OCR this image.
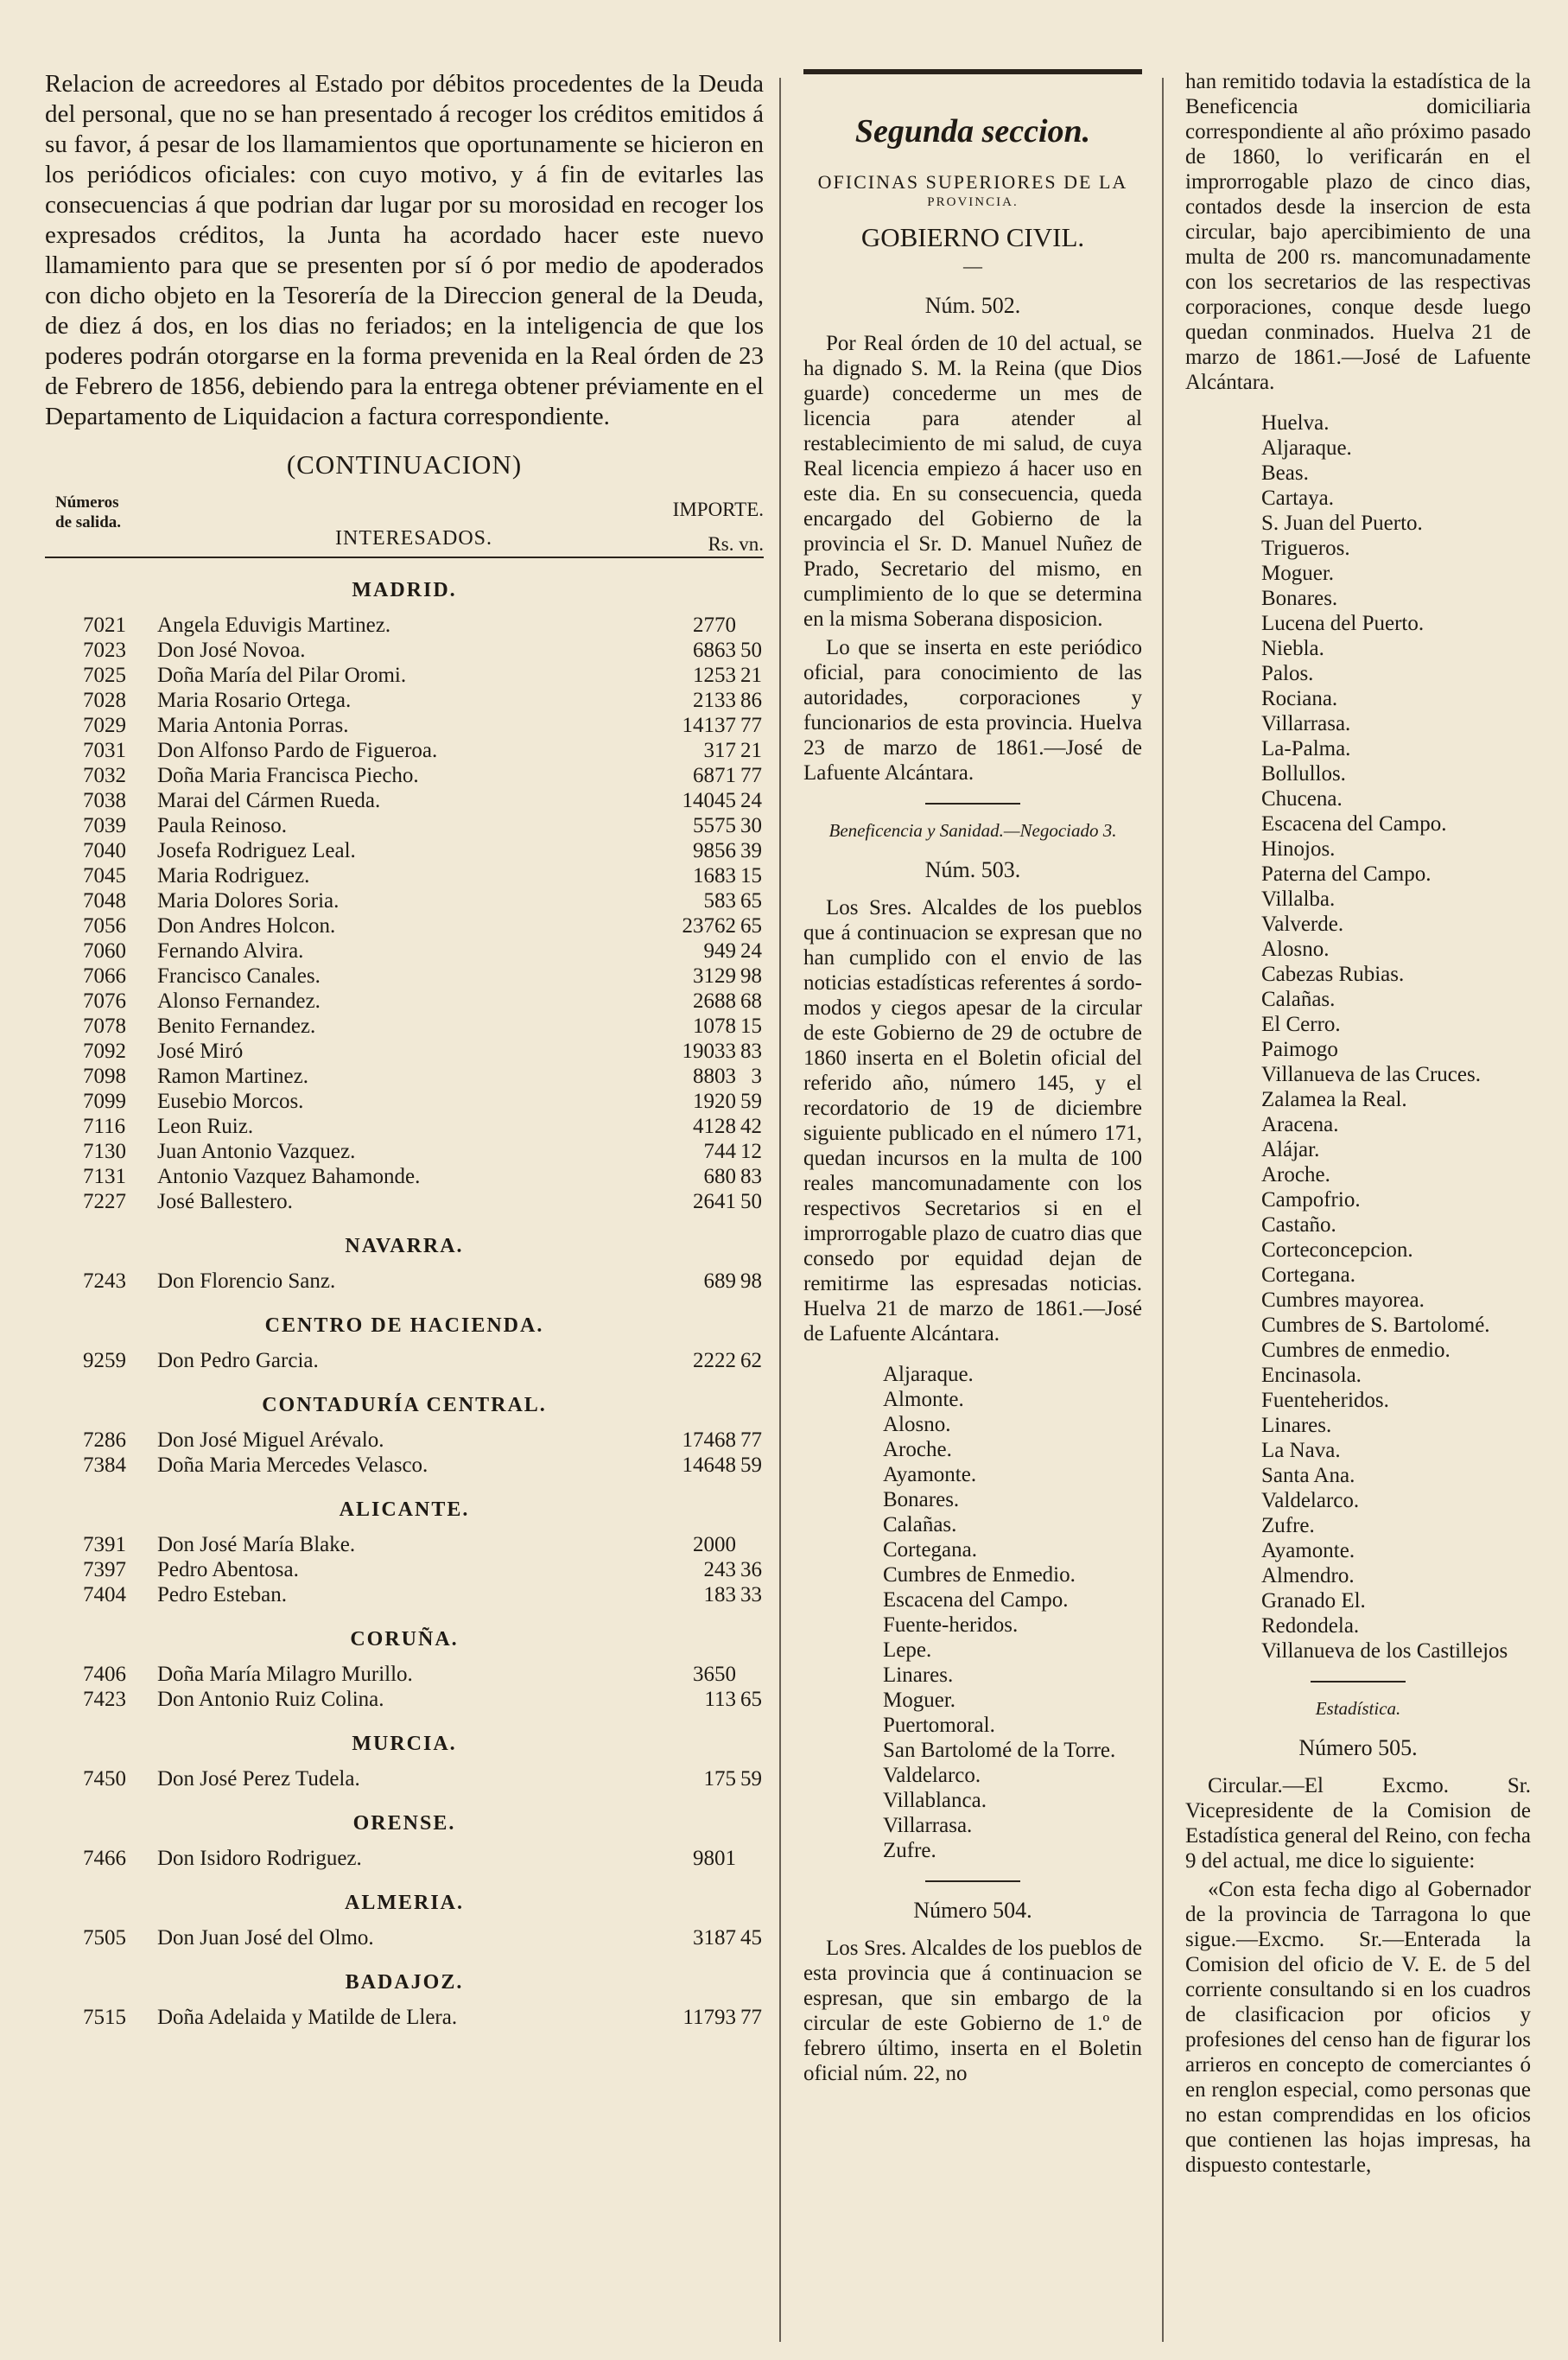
Relacion de acreedores al Estado por débitos procedentes de la Deuda del personal, que no se han presentado á recoger los créditos emitidos á su favor, á pesar de los llamamientos que oportunamente se hicieron en los periódicos oficiales: con cuyo motivo, y á fin de evitarles las consecuencias á que podrian dar lugar por su morosidad en recoger los expresados créditos, la Junta ha acordado hacer este nuevo llamamiento para que se presenten por sí ó por medio de apoderados con dicho objeto en la Tesorería de la Direccion general de la Deuda, de diez á dos, en los dias no feriados; en la inteligencia de que los poderes podrán otorgarse en la forma prevenida en la Real órden de 23 de Febrero de 1856, debiendo para la entrega obtener préviamente en el Departamento de Liquidacion a factura correspondiente.

(CONTINUACION)
Números
de salida.
INTERESADOS.
IMPORTE.
Rs. vn.
MADRID.
7021	Angela Eduvigis Martinez.	2770
7023	Don José Novoa.	6863 50
7025	Doña María del Pilar Oromi.	1253 21
7028	Maria Rosario Ortega.	2133 86
7029	Maria Antonia Porras.	14137 77
7031	Don Alfonso Pardo de Figueroa.	317 21
7032	Doña Maria Francisca Piecho.	6871 77
7038	Marai del Cármen Rueda.	14045 24
7039	Paula Reinoso.	5575 30
7040	Josefa Rodriguez Leal.	9856 39
7045	Maria Rodriguez.	1683 15
7048	Maria Dolores Soria.	583 65
7056	Don Andres Holcon.	23762 65
7060	Fernando Alvira.	949 24
7066	Francisco Canales.	3129 98
7076	Alonso Fernandez.	2688 68
7078	Benito Fernandez.	1078 15
7092	José Miró	19033 83
7098	Ramon Martinez.	8803 3
7099	Eusebio Morcos.	1920 59
7116	Leon Ruiz.	4128 42
7130	Juan Antonio Vazquez.	744 12
7131	Antonio Vazquez Bahamonde.	680 83
7227	José Ballestero.	2641 50
NAVARRA.
7243	Don Florencio Sanz.	689 98
CENTRO DE HACIENDA.
9259	Don Pedro Garcia.	2222 62
CONTADURÍA CENTRAL.
7286	Don José Miguel Arévalo.	17468 77
7384	Doña Maria Mercedes Velasco.	14648 59
ALICANTE.
7391	Don José María Blake.	2000
7397	Pedro Abentosa.	243 36
7404	Pedro Esteban.	183 33
CORUÑA.
7406	Doña María Milagro Murillo.	3650
7423	Don Antonio Ruiz Colina.	113 65
MURCIA.
7450	Don José Perez Tudela.	175 59
ORENSE.
7466	Don Isidoro Rodriguez.	9801
ALMERIA.
7505	Don Juan José del Olmo.	3187 45
BADAJOZ.
7515	Doña Adelaida y Matilde de Llera.	11793 77
Segunda seccion.
OFICINAS SUPERIORES DE LA
PROVINCIA.
GOBIERNO CIVIL.
—
Núm. 502.

Por Real órden de 10 del actual, se ha dignado S. M. la Reina (que Dios guarde) concederme un mes de licencia para atender al restablecimiento de mi salud, de cuya Real licencia empiezo á hacer uso en este dia. En su consecuencia, queda encargado del Gobierno de la provincia el Sr. D. Manuel Nuñez de Prado, Secretario del mismo, en cumplimiento de lo que se determina en la misma Soberana disposicion.

Lo que se inserta en este periódico oficial, para conocimiento de las autoridades, corporaciones y funcionarios de esta provincia. Huelva 23 de marzo de 1861.—José de Lafuente Alcántara.

Beneficencia y Sanidad.—Negociado 3.
Núm. 503.

Los Sres. Alcaldes de los pueblos que á continuacion se expresan que no han cumplido con el envio de las noticias estadísticas referentes á sordo-modos y ciegos apesar de la circular de este Gobierno de 29 de octubre de 1860 inserta en el Boletin oficial del referido año, número 145, y el recordatorio de 19 de diciembre siguiente publicado en el número 171, quedan incursos en la multa de 100 reales mancomunadamente con los respectivos Secretarios si en el improrrogable plazo de cuatro dias que consedo por equidad dejan de remitirme las espresadas noticias. Huelva 21 de marzo de 1861.—José de Lafuente Alcántara.

Aljaraque.
Almonte.
Alosno.
Aroche.
Ayamonte.
Bonares.
Calañas.
Cortegana.
Cumbres de Enmedio.
Escacena del Campo.
Fuente-heridos.
Lepe.
Linares.
Moguer.
Puertomoral.
San Bartolomé de la Torre.
Valdelarco.
Villablanca.
Villarrasa.
Zufre.
Número 504.

Los Sres. Alcaldes de los pueblos de esta provincia que á continuacion se espresan, que sin embargo de la circular de este Gobierno de 1.º de febrero último, inserta en el Boletin oficial núm. 22, no

han remitido todavia la estadística de la Beneficencia domiciliaria correspondiente al año próximo pasado de 1860, lo verificarán en el improrrogable plazo de cinco dias, contados desde la insercion de esta circular, bajo apercibimiento de una multa de 200 rs. mancomunadamente con los secretarios de las respectivas corporaciones, conque desde luego quedan conminados. Huelva 21 de marzo de 1861.—José de Lafuente Alcántara.

Huelva.
Aljaraque.
Beas.
Cartaya.
S. Juan del Puerto.
Trigueros.
Moguer.
Bonares.
Lucena del Puerto.
Niebla.
Palos.
Rociana.
Villarrasa.
La-Palma.
Bollullos.
Chucena.
Escacena del Campo.
Hinojos.
Paterna del Campo.
Villalba.
Valverde.
Alosno.
Cabezas Rubias.
Calañas.
El Cerro.
Paimogo
Villanueva de las Cruces.
Zalamea la Real.
Aracena.
Alájar.
Aroche.
Campofrio.
Castaño.
Corteconcepcion.
Cortegana.
Cumbres mayorea.
Cumbres de S. Bartolomé.
Cumbres de enmedio.
Encinasola.
Fuenteheridos.
Linares.
La Nava.
Santa Ana.
Valdelarco.
Zufre.
Ayamonte.
Almendro.
Granado El.
Redondela.
Villanueva de los Castillejos
Estadística.
Número 505.

Circular.—El Excmo. Sr. Vicepresidente de la Comision de Estadística general del Reino, con fecha 9 del actual, me dice lo siguiente:

«Con esta fecha digo al Gobernador de la provincia de Tarragona lo que sigue.—Excmo. Sr.—Enterada la Comision del oficio de V. E. de 5 del corriente consultando si en los cuadros de clasificacion por oficios y profesiones del censo han de figurar los arrieros en concepto de comerciantes ó en renglon especial, como personas que no estan comprendidas en los oficios que contienen las hojas impresas, ha dispuesto contestarle,
